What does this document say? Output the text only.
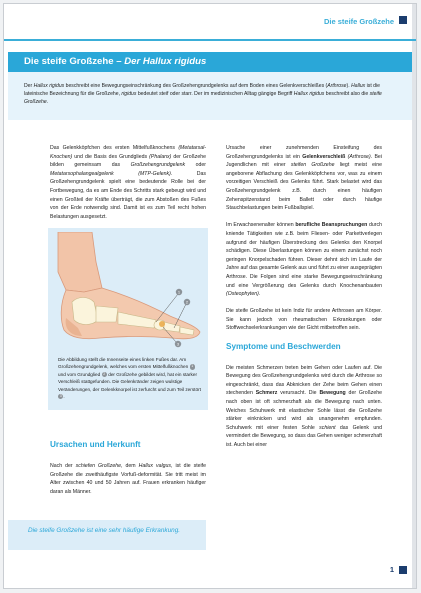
Die steife Großzehe
Die steife Großzehe – Der Hallux rigidus
Der Hallux rigidus beschreibt eine Bewegungseinschränkung des Großzehengrundgelenks auf dem Boden eines Gelenkverschleißes (Arthrose). Hallux ist die lateinische Bezeichnung für die Großzehe, rigidus bedeutet steif oder starr. Der im medizinischen Alltag gängige Begriff Hallux rigidus beschreibt also die steife Großzehe.

Das Gelenkköpfchen des ersten Mittelfußknochens (Metatarsal-Knochen) und die Basis des Grundglieds (Phalanx) der Großzehe bilden gemeinsam das Großzehengrundgelenk oder Metatarsophalangealgelenk (MTP-Gelenk). Das Großzehengrundgelenk spielt eine bedeutende Rolle bei der Fortbewegung, da es am Ende des Schritts stark gebeugt wird und einen Großteil der Kräfte überträgt, die zum Abstoßen des Fußes von der Erde notwendig sind. Damit ist es zum Teil recht hohen Belastungen ausgesetzt.

1
2
3
Die Abbildung stellt die Innenseite eines linken Fußes dar. Am Großzehengrundgelenk, welches vom ersten Mittelfußknochen 1 und vom Grundglied 2 der Großzehe gebildet wird, hat ein starker Verschleiß stattgefunden. Die Gelenkränder zeigen wulstige Veränderungen, der Gelenkknorpel ist zerfurcht und zum Teil zerstört 3 .
Ursachen und Herkunft

Nach der schiefen Großzehe, dem Hallux valgus, ist die steife Großzehe die zweithäufigste Vorfuß-deformität. Sie tritt meist im Alter zwischen 40 und 50 Jahren auf. Frauen erkranken häufiger daran als Männer.

Die steife Großzehe ist eine sehr häufige Erkrankung.

Ursache einer zunehmenden Einsteifung des Großzehengrundgelenks ist ein Gelenkverschleiß (Arthrose). Bei Jugendlichen mit einer steifen Großzehe liegt meist eine angeborene Abflachung des Gelenkköpfchens vor, was zu einem vorzeitigen Verschleiß des Gelenks führt. Stark belastet wird das Großzehengrundgelenk z.B. durch einen häufigen Zehenspitzenstand beim Ballett oder durch häufige Stauchbelastungen beim Fußballspiel.

Im Erwachsenenalter können berufliche Beanspruchungen durch kniende Tätigkeiten wie z.B. beim Fliesen- oder Parkettverlegen aufgrund der häufigen Überstreckung des Gelenks den Knorpel schädigen. Diese Überlastungen können zu einem zunächst noch geringen Knorpelschaden führen. Dieser dehnt sich im Laufe der Jahre auf das gesamte Gelenk aus und führt zu einer ausgeprägten Arthrose. Die Folgen sind eine starke Bewegungseinschränkung und eine Vergrößerung des Gelenks durch Knochenanbauten (Osteophyten).

Die steife Großzehe ist kein Indiz für andere Arthrosen am Körper. Sie kann jedoch von rheumatischen Erkrankungen oder Stoffwechselerkrankungen wie der Gicht mitbetroffen sein.

Symptome und Beschwerden

Die meisten Schmerzen treten beim Gehen oder Laufen auf. Die Bewegung des Großzehengrundgelenks wird durch die Arthrose so eingeschränkt, dass das Abknicken der Zehe beim Gehen einen stechenden Schmerz verursacht. Die Bewegung der Großzehe nach oben ist oft schmerzhaft als die Bewegung nach unten. Weiches Schuhwerk mit elastischer Sohle lässt die Großzehe stärker einknicken und wird als unangenehm empfunden. Schuhwerk mit einer festen Sohle schient das Gelenk und vermindert die Bewegung, so dass das Gehen weniger schmerzhaft ist. Auch bei einer

1
